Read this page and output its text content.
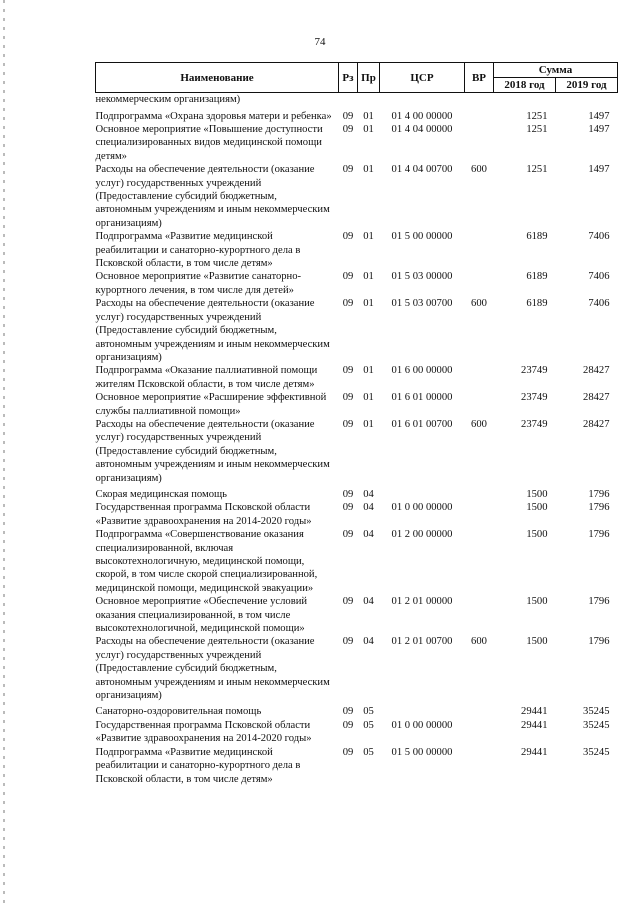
74
Наименование	Рз	Пр	ЦСР	ВР	Сумма	
					2018 год	2019 год
некоммерческим организациям)						
Подпрограмма «Охрана здоровья матери и ребенка»	09	01	01 4 00 00000		1251	1497
Основное мероприятие «Повышение доступности специализированных видов медицинской помощи детям»	09	01	01 4 04 00000		1251	1497
Расходы на обеспечение деятельности (оказание услуг) государственных учреждений (Предоставление субсидий бюджетным, автономным учреждениям и иным некоммерческим организациям)	09	01	01 4 04 00700	600	1251	1497
Подпрограмма «Развитие медицинской реабилитации и санаторно-курортного дела в Псковской области, в том числе детям»	09	01	01 5 00 00000		6189	7406
Основное мероприятие «Развитие санаторно-курортного лечения, в том числе для детей»	09	01	01 5 03 00000		6189	7406
Расходы на обеспечение деятельности (оказание услуг) государственных учреждений (Предоставление субсидий бюджетным, автономным учреждениям и иным некоммерческим организациям)	09	01	01 5 03 00700	600	6189	7406
Подпрограмма «Оказание паллиативной помощи жителям Псковской области, в том числе детям»	09	01	01 6 00 00000		23749	28427
Основное мероприятие «Расширение эффективной службы паллиативной помощи»	09	01	01 6 01 00000		23749	28427
Расходы на обеспечение деятельности (оказание услуг) государственных учреждений (Предоставление субсидий бюджетным, автономным учреждениям и иным некоммерческим организациям)	09	01	01 6 01 00700	600	23749	28427
Скорая медицинская помощь	09	04			1500	1796
Государственная программа Псковской области «Развитие здравоохранения на 2014-2020 годы»	09	04	01 0 00 00000		1500	1796
Подпрограмма «Совершенствование оказания специализированной, включая высокотехнологичную, медицинской помощи, скорой, в том числе скорой специализированной, медицинской помощи, медицинской эвакуации»	09	04	01 2 00 00000		1500	1796
Основное мероприятие «Обеспечение условий оказания специализированной, в том числе высокотехнологичной, медицинской помощи»	09	04	01 2 01 00000		1500	1796
Расходы на обеспечение деятельности (оказание услуг) государственных учреждений (Предоставление субсидий бюджетным, автономным учреждениям и иным некоммерческим организациям)	09	04	01 2 01 00700	600	1500	1796
Санаторно-оздоровительная помощь	09	05			29441	35245
Государственная программа Псковской области «Развитие здравоохранения на 2014-2020 годы»	09	05	01 0 00 00000		29441	35245
Подпрограмма «Развитие медицинской реабилитации и санаторно-курортного дела в Псковской области, в том числе детям»	09	05	01 5 00 00000		29441	35245
